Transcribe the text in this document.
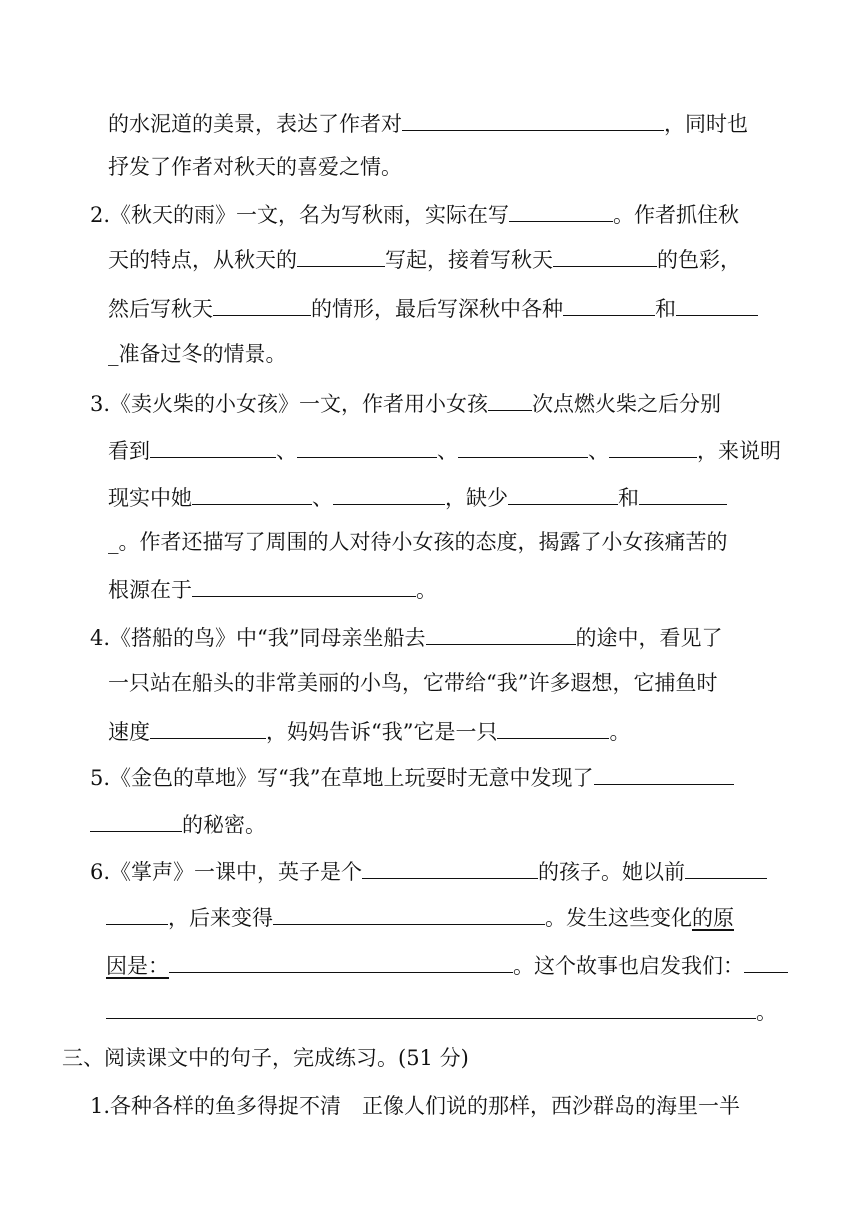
的水泥道的美景，表达了作者对	，同时也
抒发了作者对秋天的喜爱之情。
2.《秋天的雨》一文，名为写秋雨，实际在写	。作者抓住秋
天的特点，从秋天的	写起，接着写秋天	的色彩，
然后写秋天	的情形，最后写深秋中各种	和
_准备过冬的情景。
3.《卖火柴的小女孩》一文，作者用小女孩 次点燃火柴之后分别
看到	、	、	、	，来说明
现实中她	、	，缺少	和
_。作者还描写了周围的人对待小女孩的态度，揭露了小女孩痛苦的
根源在于	。
4.《搭船的鸟》中“我”同母亲坐船去	的途中，看见了
一只站在船头的非常美丽的小鸟，它带给“我”许多遐想，它捕鱼时
速度	，妈妈告诉“我”它是一只	。
5.《金色的草地》写“我”在草地上玩耍时无意中发现了
的秘密。
6.《掌声》一课中，英子是个	的孩子。她以前
，后来变得	。发生这些变化的原
因是：	。这个故事也启发我们：
。
三、阅读课文中的句子，完成练习。(51 分)
1.各种各样的鱼多得捉不清　正像人们说的那样，西沙群岛的海里一半
